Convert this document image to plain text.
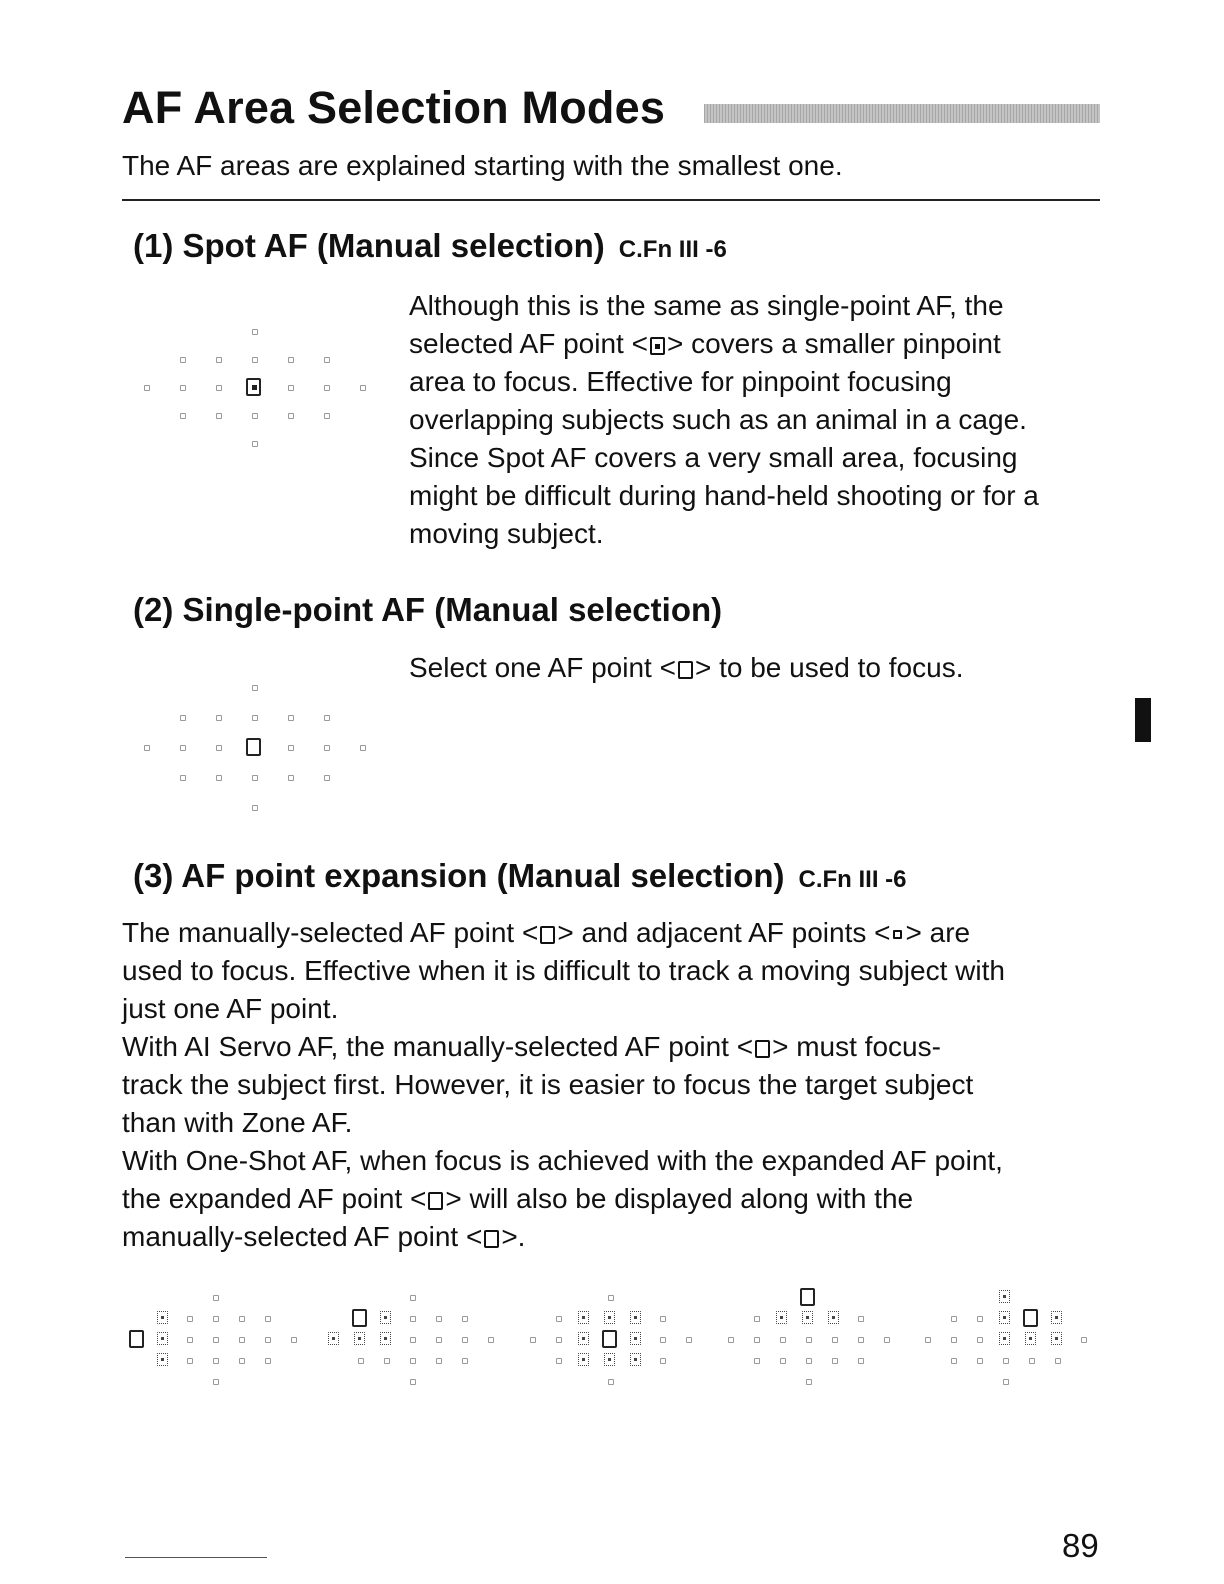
AF Area Selection Modes
The AF areas are explained starting with the smallest one.
(1) Spot AF (Manual selection) C.Fn III -6
Although this is the same as single-point AF, the
selected AF point < > covers a smaller pinpoint
area to focus. Effective for pinpoint focusing
overlapping subjects such as an animal in a cage.
Since Spot AF covers a very small area, focusing
might be difficult during hand-held shooting or for a
moving subject.
(2) Single-point AF (Manual selection)
Select one AF point < > to be used to focus.
(3) AF point expansion (Manual selection) C.Fn III -6
The manually-selected AF point < > and adjacent AF points < > are
used to focus. Effective when it is difficult to track a moving subject with
just one AF point.
With AI Servo AF, the manually-selected AF point < > must focus-
track the subject first. However, it is easier to focus the target subject
than with Zone AF.
With One-Shot AF, when focus is achieved with the expanded AF point,
the expanded AF point < > will also be displayed along with the
manually-selected AF point < >.
89
